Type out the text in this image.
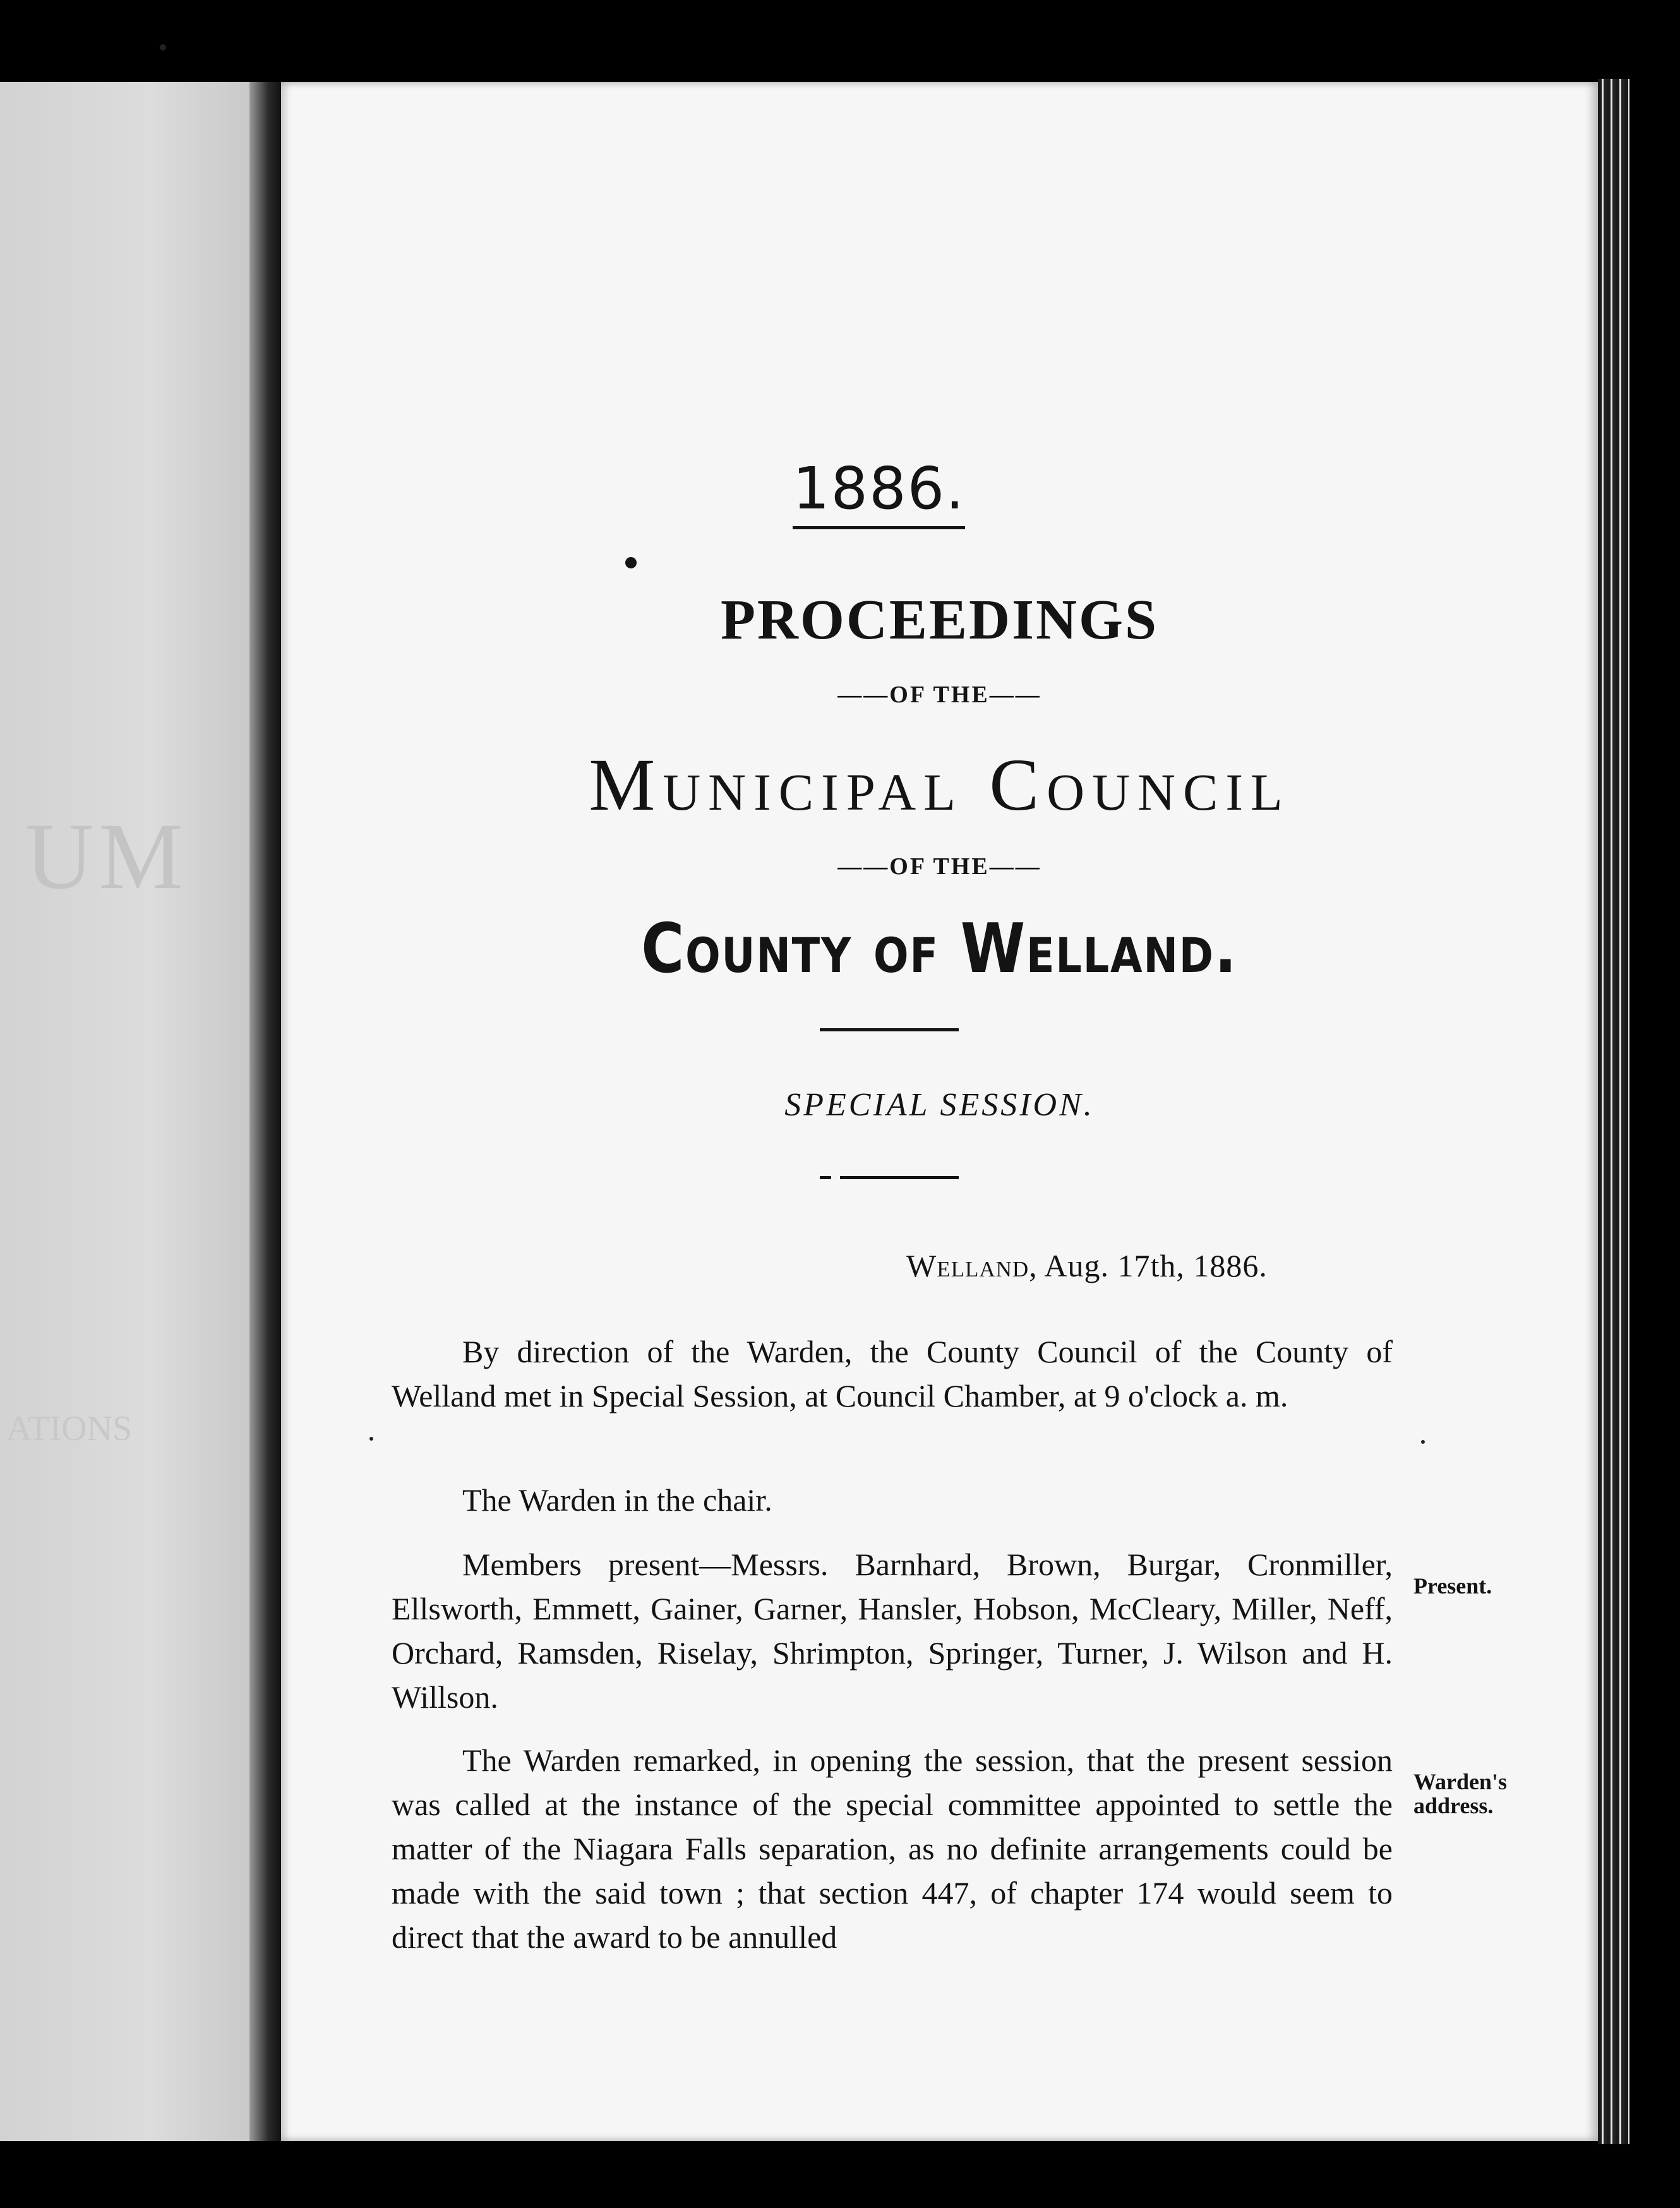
UM
ATIONS
1886.
PROCEEDINGS
——OF THE——
Municipal Council
——OF THE——
County of Welland.
SPECIAL SESSION.
Welland, Aug. 17th, 1886.

By direction of the Warden, the County Council of the County of Welland met in Special Session, at Council Chamber, at 9 o'clock a. m.

The Warden in the chair.

Members present—Messrs. Barnhard, Brown, Burgar, Cronmiller, Ellsworth, Emmett, Gainer, Garner, Hansler, Hobson, McCleary, Miller, Neff, Orchard, Ramsden, Riselay, Shrimpton, Springer, Turner, J. Wilson and H. Willson.

The Warden remarked, in opening the session, that the present session was called at the instance of the special committee appointed to settle the matter of the Niagara Falls separation, as no definite arrangements could be made with the said town ; that section 447, of chapter 174 would seem to direct that the award to be annulled

Present.
Warden's address.
